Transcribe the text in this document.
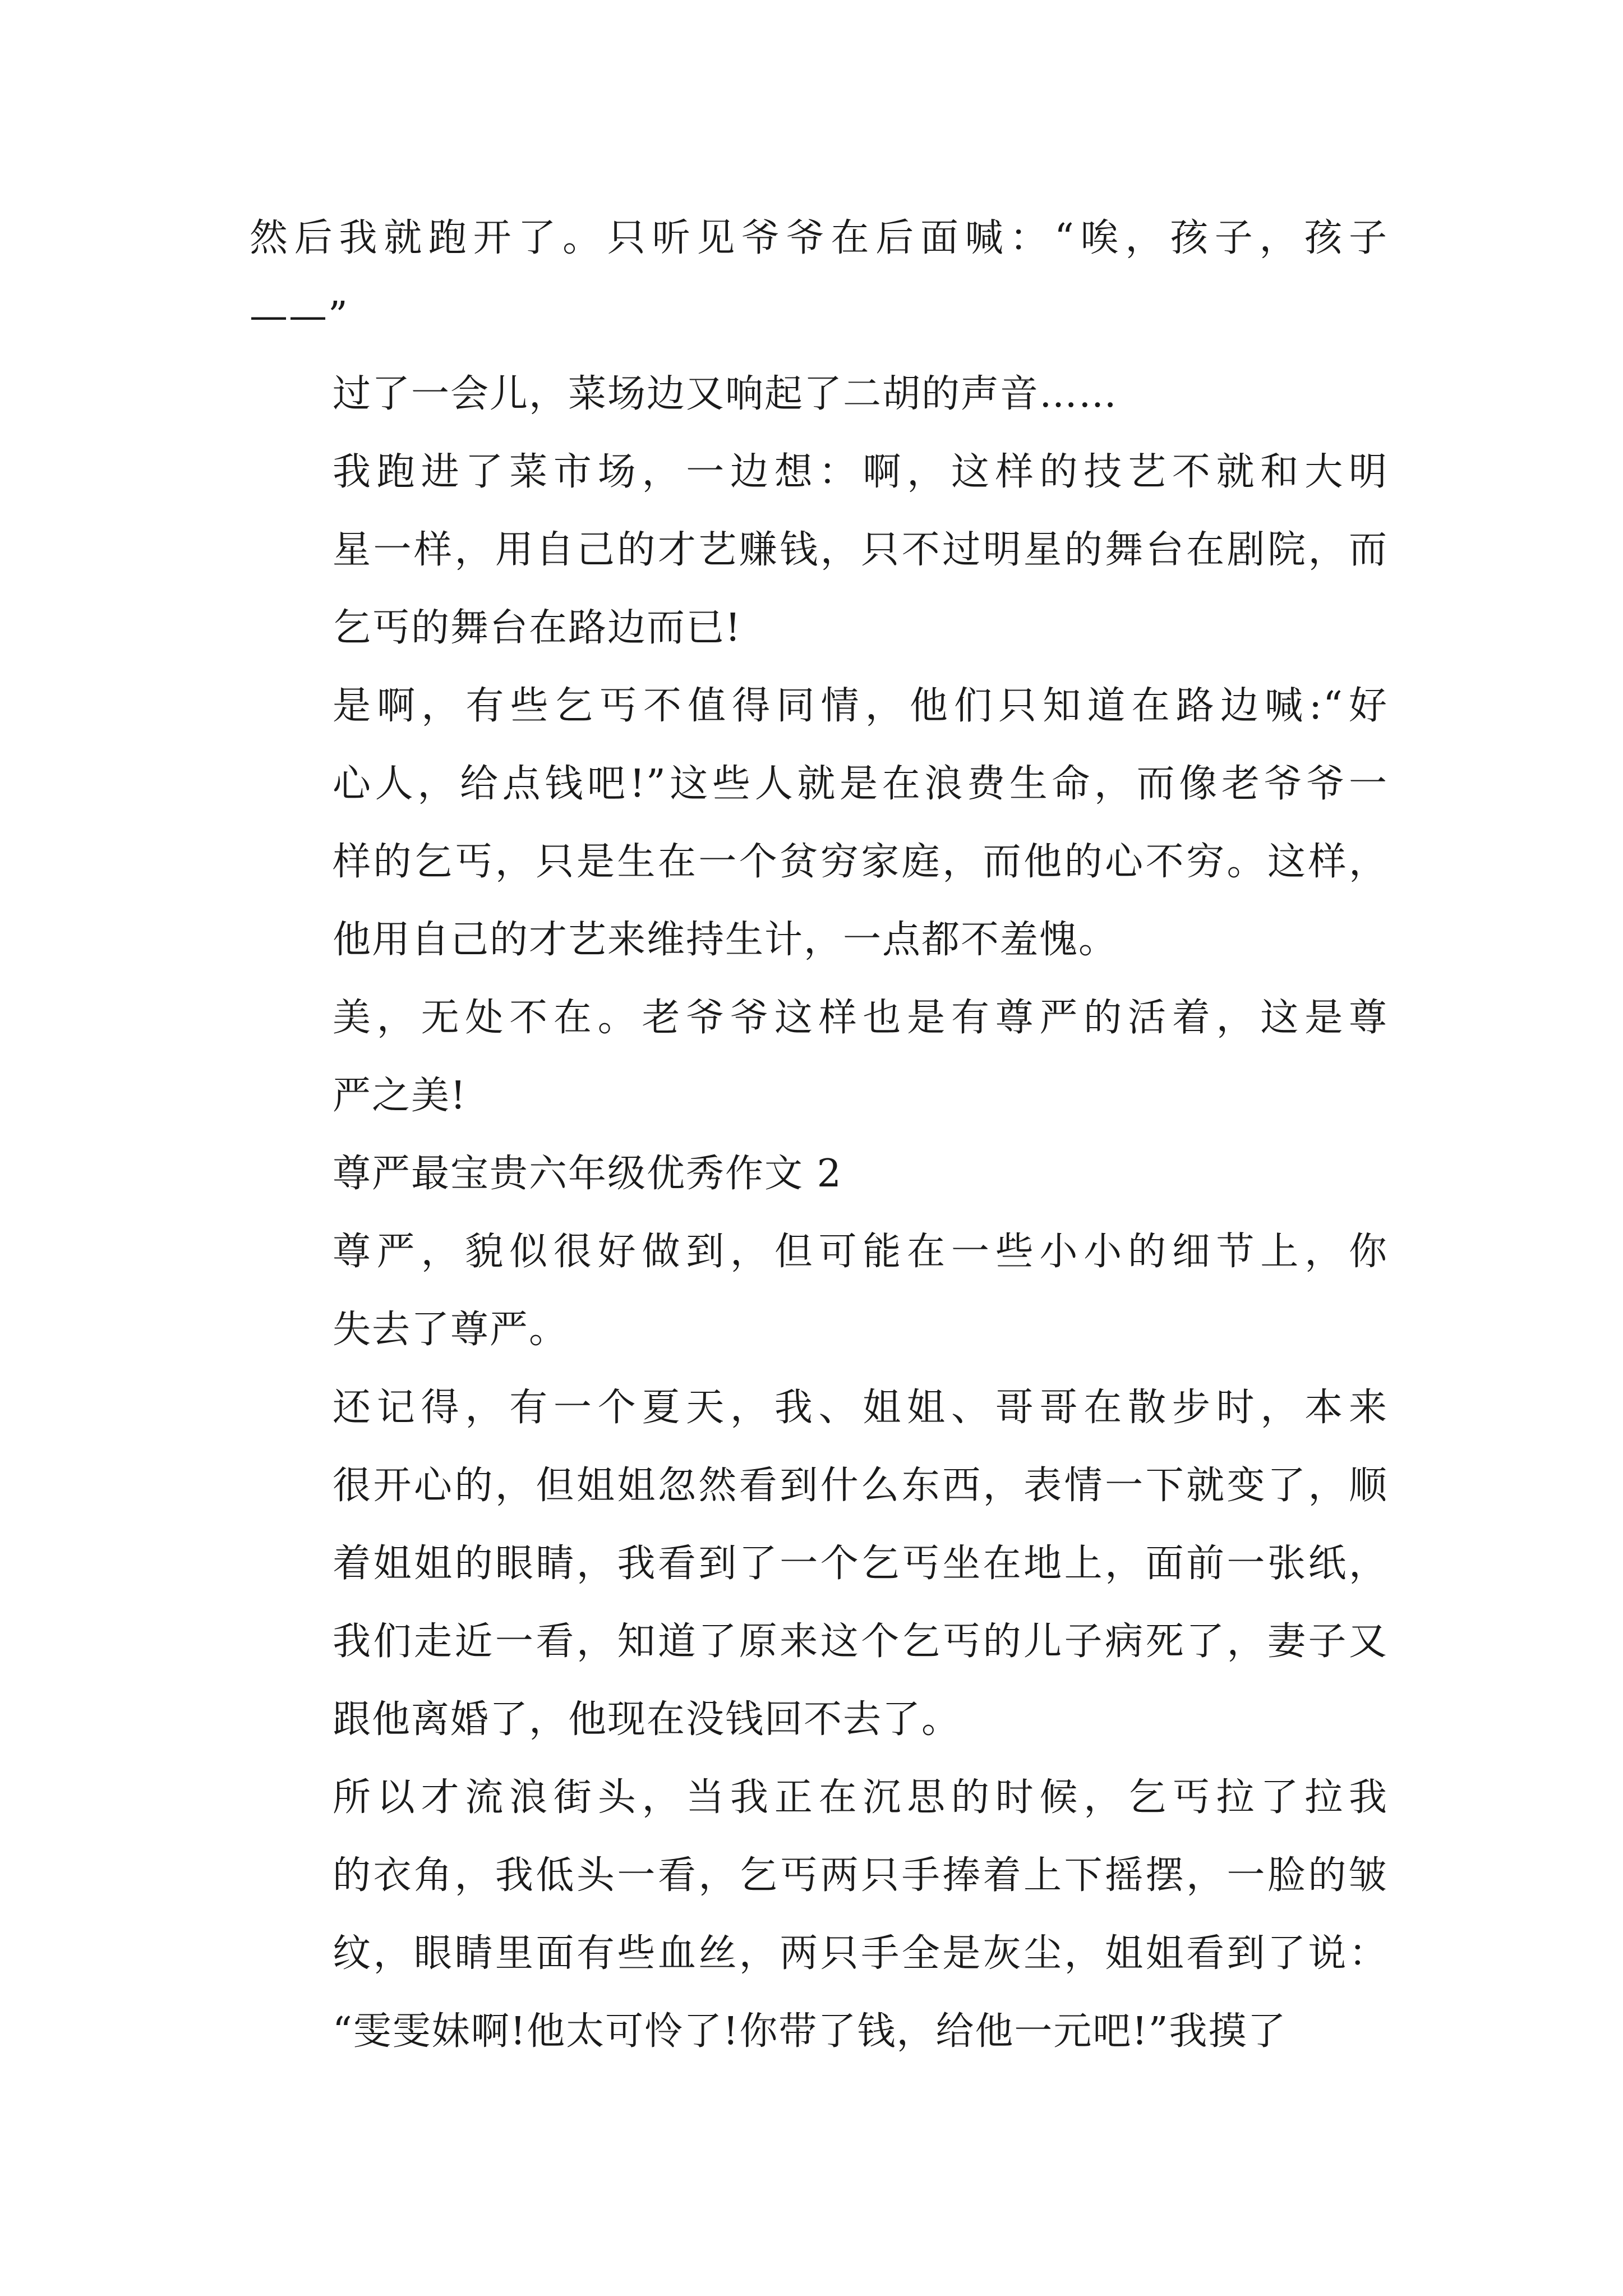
然后我就跑开了。只听见爷爷在后面喊：“唉，孩子，孩子
——”
过了一会儿，菜场边又响起了二胡的声音……
我跑进了菜市场，一边想：啊，这样的技艺不就和大明
星一样，用自己的才艺赚钱，只不过明星的舞台在剧院，而
乞丐的舞台在路边而已!
是啊，有些乞丐不值得同情，他们只知道在路边喊:“好
心人，给点钱吧!”这些人就是在浪费生命，而像老爷爷一
样的乞丐，只是生在一个贫穷家庭，而他的心不穷。这样，
他用自己的才艺来维持生计，一点都不羞愧。
美，无处不在。老爷爷这样也是有尊严的活着，这是尊
严之美!
尊严最宝贵六年级优秀作文 2
尊严，貌似很好做到，但可能在一些小小的细节上，你
失去了尊严。
还记得，有一个夏天，我、姐姐、哥哥在散步时，本来
很开心的，但姐姐忽然看到什么东西，表情一下就变了，顺
着姐姐的眼睛，我看到了一个乞丐坐在地上，面前一张纸，
我们走近一看，知道了原来这个乞丐的儿子病死了，妻子又
跟他离婚了，他现在没钱回不去了。
所以才流浪街头，当我正在沉思的时候，乞丐拉了拉我
的衣角，我低头一看，乞丐两只手捧着上下摇摆，一脸的皱
纹，眼睛里面有些血丝，两只手全是灰尘，姐姐看到了说：
“雯雯妹啊!他太可怜了!你带了钱，给他一元吧!”我摸了
